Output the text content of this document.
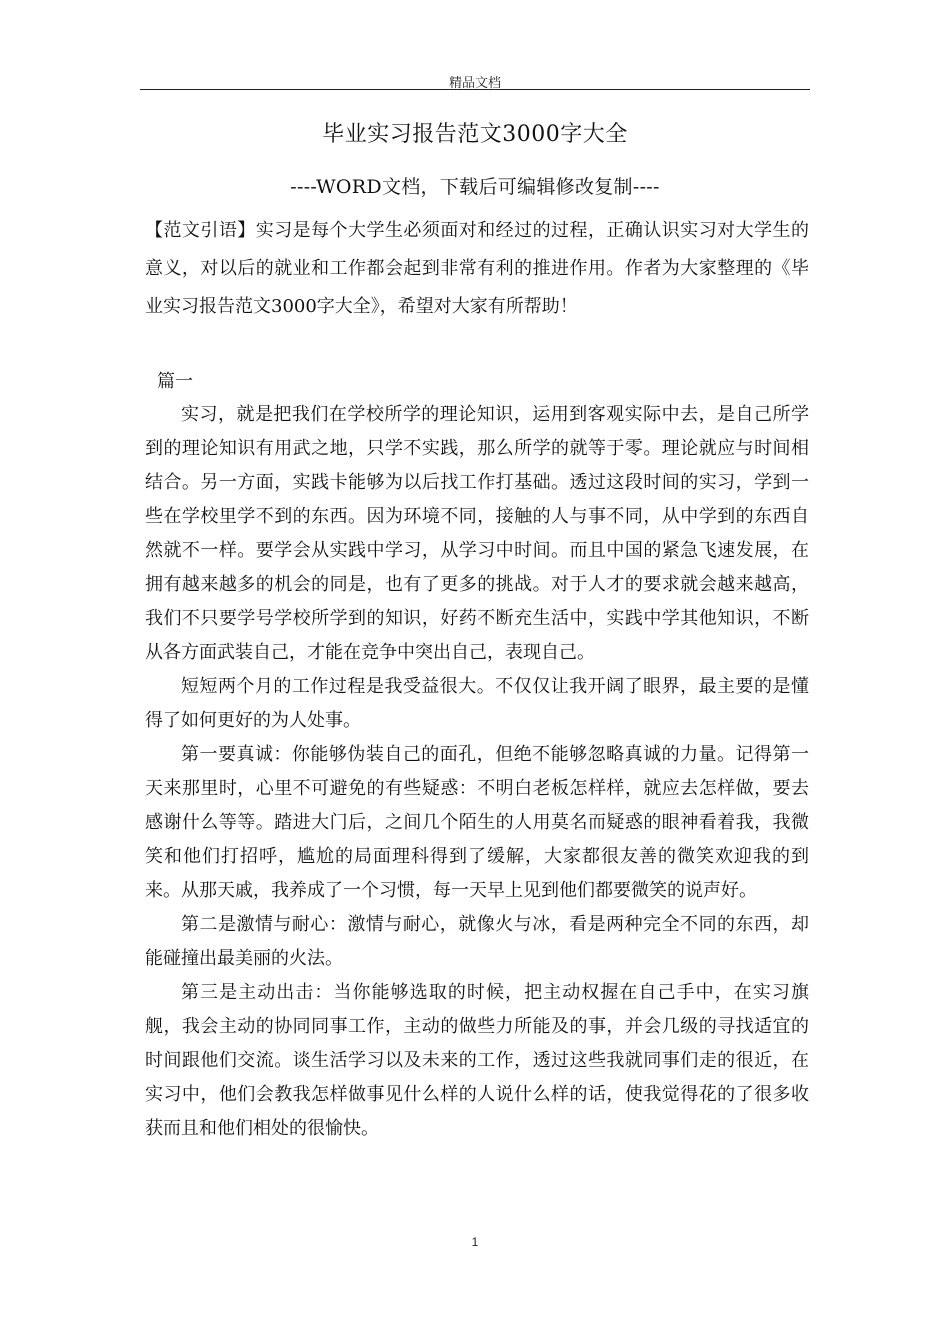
精品文档
毕业实习报告范文3000字大全
----WORD文档，下载后可编辑修改复制----
【范文引语】实习是每个大学生必须面对和经过的过程，正确认识实习对大学生的意义，对以后的就业和工作都会起到非常有利的推进作用。作者为大家整理的《毕业实习报告范文3000字大全》，希望对大家有所帮助！
篇一

实习，就是把我们在学校所学的理论知识，运用到客观实际中去，是自己所学到的理论知识有用武之地，只学不实践，那么所学的就等于零。理论就应与时间相结合。另一方面，实践卡能够为以后找工作打基础。透过这段时间的实习，学到一些在学校里学不到的东西。因为环境不同，接触的人与事不同，从中学到的东西自然就不一样。要学会从实践中学习，从学习中时间。而且中国的紧急飞速发展，在拥有越来越多的机会的同是，也有了更多的挑战。对于人才的要求就会越来越高，我们不只要学号学校所学到的知识，好药不断充生活中，实践中学其他知识，不断从各方面武装自己，才能在竞争中突出自己，表现自己。

短短两个月的工作过程是我受益很大。不仅仅让我开阔了眼界，最主要的是懂得了如何更好的为人处事。

第一要真诚：你能够伪装自己的面孔，但绝不能够忽略真诚的力量。记得第一天来那里时，心里不可避免的有些疑惑：不明白老板怎样样，就应去怎样做，要去感谢什么等等。踏进大门后，之间几个陌生的人用莫名而疑惑的眼神看着我，我微笑和他们打招呼，尴尬的局面理科得到了缓解，大家都很友善的微笑欢迎我的到来。从那天戚，我养成了一个习惯，每一天早上见到他们都要微笑的说声好。

第二是激情与耐心：激情与耐心，就像火与冰，看是两种完全不同的东西，却能碰撞出最美丽的火法。

第三是主动出击：当你能够选取的时候，把主动权握在自己手中，在实习旗舰，我会主动的协同同事工作，主动的做些力所能及的事，并会几级的寻找适宜的时间跟他们交流。谈生活学习以及未来的工作，透过这些我就同事们走的很近，在实习中，他们会教我怎样做事见什么样的人说什么样的话，使我觉得花的了很多收获而且和他们相处的很愉快。

1
